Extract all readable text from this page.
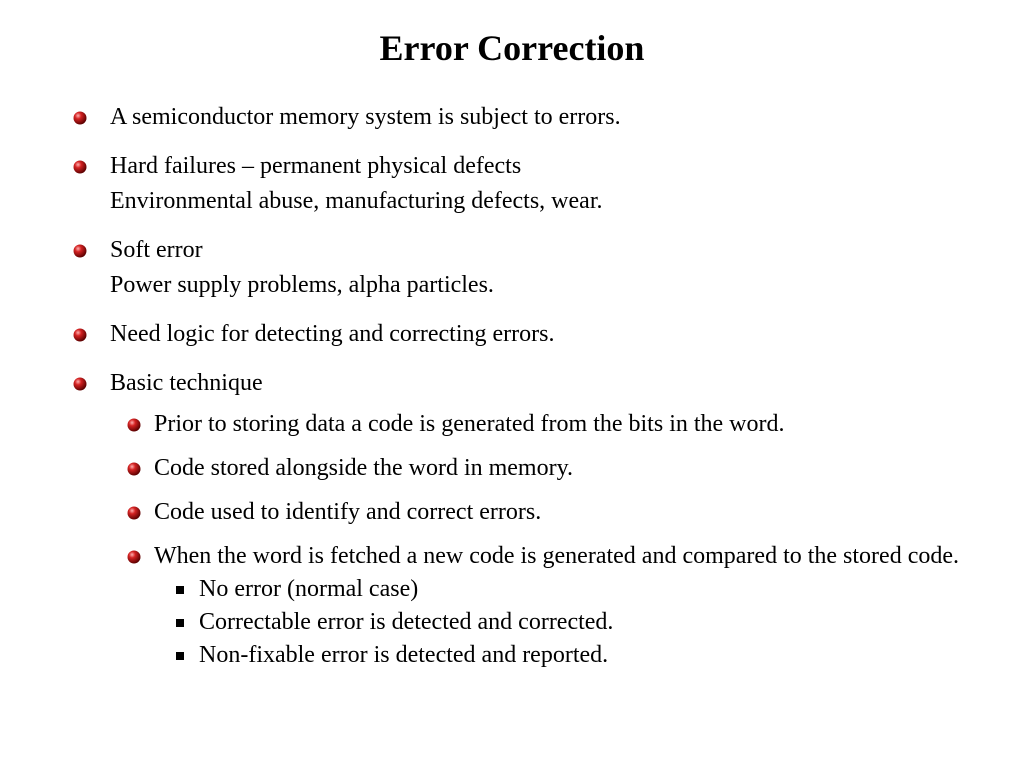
Error Correction
A semiconductor memory system is subject to errors.
Hard failures – permanent physical defects
Environmental abuse, manufacturing defects, wear.
Soft error
Power supply problems, alpha particles.
Need logic for detecting and correcting errors.
Basic technique
Prior to storing data a code is generated from the bits in the word.
Code stored alongside the word in memory.
Code used to identify and correct errors.
When the word is fetched a new code is generated and compared to the stored code.
No error (normal case)
Correctable error is detected and corrected.
Non-fixable error is detected and reported.
